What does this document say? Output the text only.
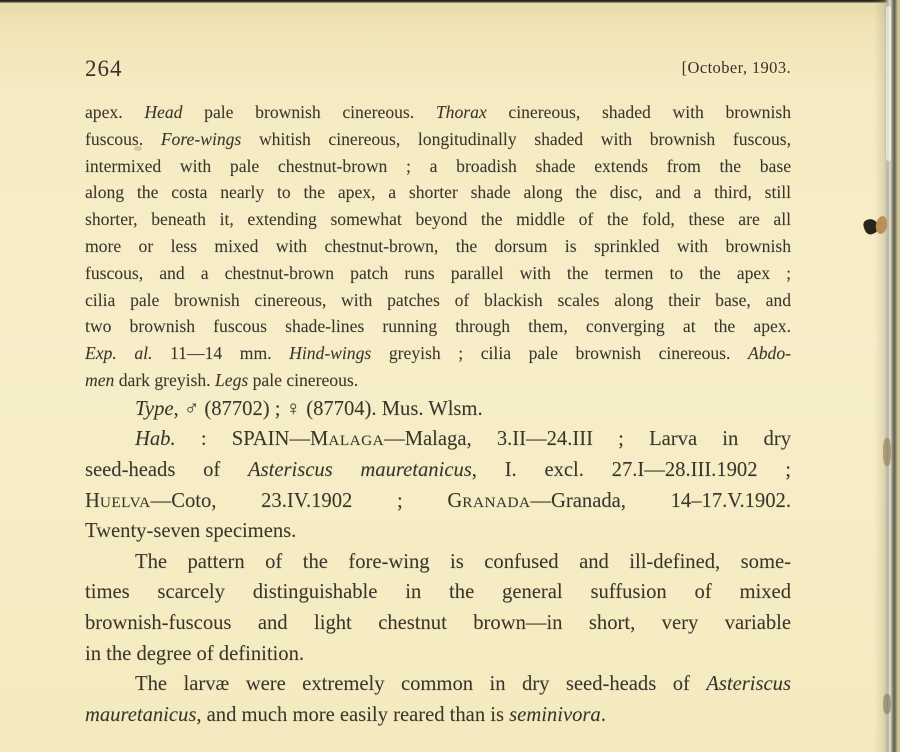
264	[October, 1903.
apex. Head pale brownish cinereous. Thorax cinereous, shaded with brownish
fuscous. Fore-wings whitish cinereous, longitudinally shaded with brownish fuscous,
intermixed with pale chestnut-brown ; a broadish shade extends from the base
along the costa nearly to the apex, a shorter shade along the disc, and a third, still
shorter, beneath it, extending somewhat beyond the middle of the fold, these are all
more or less mixed with chestnut-brown, the dorsum is sprinkled with brownish
fuscous, and a chestnut-brown patch runs parallel with the termen to the apex ;
cilia pale brownish cinereous, with patches of blackish scales along their base, and
two brownish fuscous shade-lines running through them, converging at the apex.
Exp. al. 11—14 mm. Hind-wings greyish ; cilia pale brownish cinereous. Abdo-
men dark greyish. Legs pale cinereous.
Type, ♂ (87702) ; ♀ (87704). Mus. Wlsm.
Hab. : SPAIN—MALAGA—Malaga, 3.II—24.III ; Larva in dry
seed-heads of Asteriscus mauretanicus, I. excl. 27.I—28.III.1902 ;
HUELVA—Coto, 23.IV.1902 ; GRANADA—Granada, 14–17.V.1902.
Twenty-seven specimens.
The pattern of the fore-wing is confused and ill-defined, some-
times scarcely distinguishable in the general suffusion of mixed
brownish-fuscous and light chestnut brown—in short, very variable
in the degree of definition.
The larvæ were extremely common in dry seed-heads of Asteriscus
mauretanicus, and much more easily reared than is seminivora.
